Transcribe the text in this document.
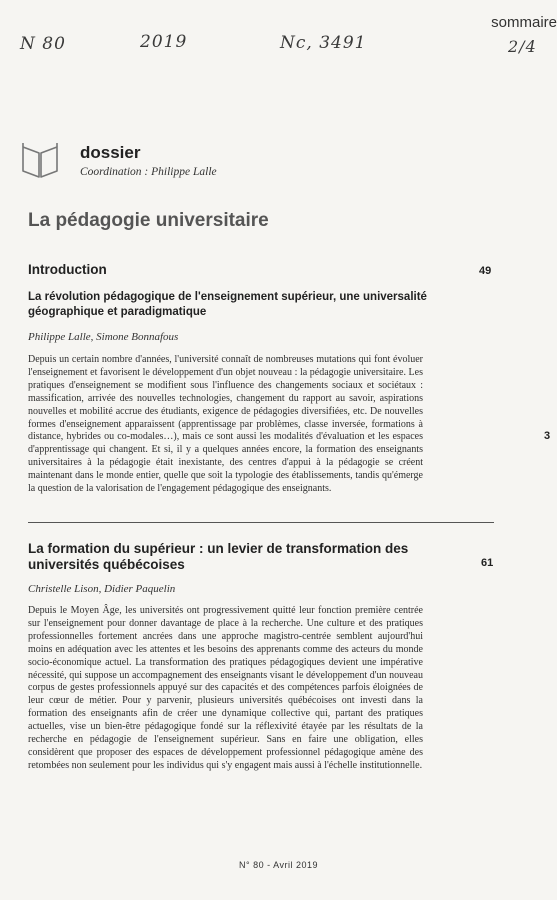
N 80	2019	Nc, 3491	2/4
sommaire
dossier
Coordination : Philippe Lalle
La pédagogie universitaire
Introduction	49
La révolution pédagogique de l'enseignement supérieur, une universalité géographique et paradigmatique
Philippe Lalle, Simone Bonnafous
Depuis un certain nombre d'années, l'université connaît de nombreuses mutations qui font évoluer l'enseignement et favorisent le développement d'un objet nouveau : la pédagogie universitaire. Les pratiques d'enseignement se modifient sous l'influence des changements sociaux et sociétaux : massification, arrivée des nouvelles technologies, changement du rapport au savoir, aspirations nouvelles et mobilité accrue des étudiants, exigence de pédagogies diversifiées, etc. De nouvelles formes d'enseignement apparaissent (apprentissage par problèmes, classe inversée, formations à distance, hybrides ou co-modales…), mais ce sont aussi les modalités d'évaluation et les espaces d'apprentissage qui changent. Et si, il y a quelques années encore, la formation des enseignants universitaires à la pédagogie était inexistante, des centres d'appui à la pédagogie se créent maintenant dans le monde entier, quelle que soit la typologie des établissements, tandis qu'émerge la question de la valorisation de l'engagement pédagogique des enseignants.
3
La formation du supérieur : un levier de transformation des universités québécoises	61
Christelle Lison, Didier Paquelin
Depuis le Moyen Âge, les universités ont progressivement quitté leur fonction première centrée sur l'enseignement pour donner davantage de place à la recherche. Une culture et des pratiques professionnelles fortement ancrées dans une approche magistro-centrée semblent aujourd'hui moins en adéquation avec les attentes et les besoins des apprenants comme des acteurs du monde socio-économique actuel. La transformation des pratiques pédagogiques devient une impérative nécessité, qui suppose un accompagnement des enseignants visant le développement d'un nouveau corpus de gestes professionnels appuyé sur des capacités et des compétences parfois éloignées de leur cœur de métier. Pour y parvenir, plusieurs universités québécoises ont investi dans la formation des enseignants afin de créer une dynamique collective qui, partant des pratiques actuelles, vise un bien-être pédagogique fondé sur la réflexivité étayée par les résultats de la recherche en pédagogie de l'enseignement supérieur. Sans en faire une obligation, elles considèrent que proposer des espaces de développement professionnel pédagogique amène des retombées non seulement pour les individus qui s'y engagent mais aussi à l'échelle institutionnelle.
N° 80 - Avril 2019
